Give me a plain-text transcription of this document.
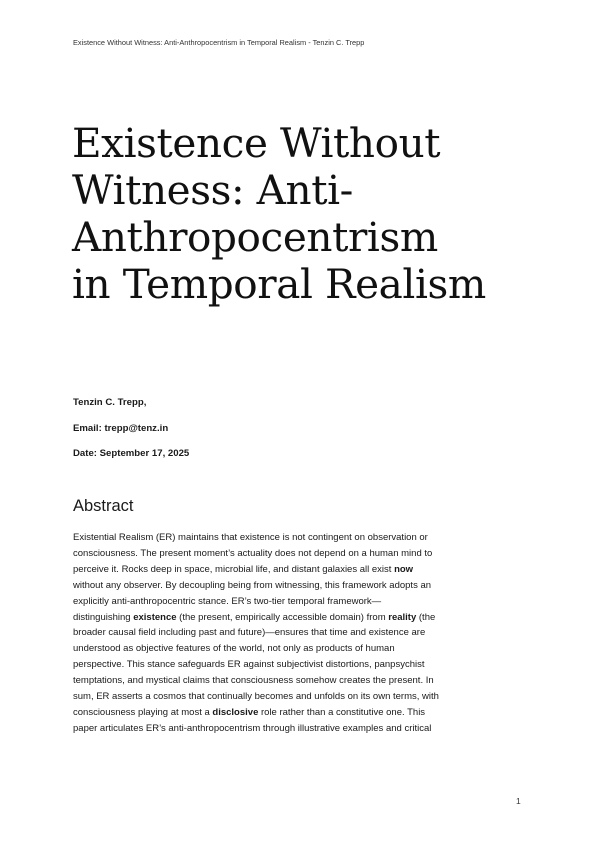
Existence Without Witness: Anti-Anthropocentrism in Temporal Realism - Tenzin C. Trepp
Existence Without
Witness: Anti-
Anthropocentrism
in Temporal Realism
Tenzin C. Trepp,
Email: trepp@tenz.in
Date: September 17, 2025
Abstract
Existential Realism (ER) maintains that existence is not contingent on observation or
consciousness. The present moment’s actuality does not depend on a human mind to
perceive it. Rocks deep in space, microbial life, and distant galaxies all exist now
without any observer. By decoupling being from witnessing, this framework adopts an
explicitly anti-anthropocentric stance. ER’s two-tier temporal framework—
distinguishing existence (the present, empirically accessible domain) from reality (the
broader causal field including past and future)—ensures that time and existence are
understood as objective features of the world, not only as products of human
perspective. This stance safeguards ER against subjectivist distortions, panpsychist
temptations, and mystical claims that consciousness somehow creates the present. In
sum, ER asserts a cosmos that continually becomes and unfolds on its own terms, with
consciousness playing at most a disclosive role rather than a constitutive one. This
paper articulates ER’s anti-anthropocentrism through illustrative examples and critical
1
